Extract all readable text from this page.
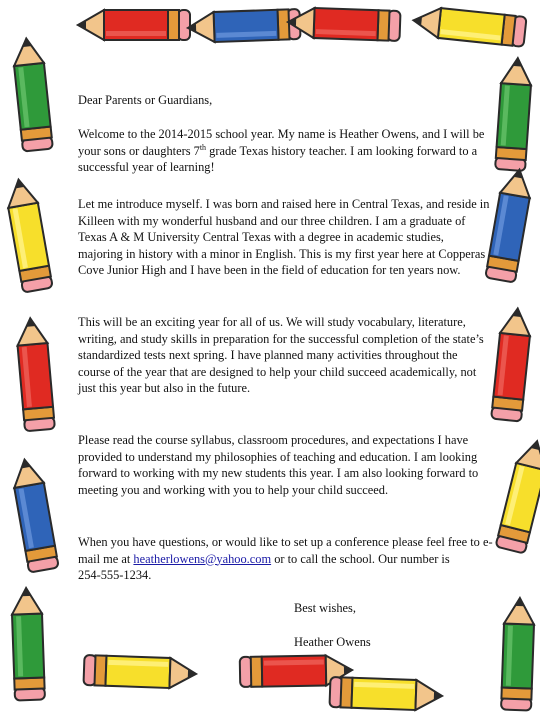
Dear Parents or Guardians,

Welcome to the 2014-2015 school year. My name is Heather Owens, and I will be your sons or daughters 7th grade Texas history teacher. I am looking forward to a successful year of learning!

Let me introduce myself. I was born and raised here in Central Texas, and reside in Killeen with my wonderful husband and our three children. I am a graduate of Texas A & M University Central Texas with a degree in academic studies, majoring in history with a minor in English. This is my first year here at Copperas Cove Junior High and I have been in the field of education for ten years now.

This will be an exciting year for all of us. We will study vocabulary, literature, writing, and study skills in preparation for the successful completion of the state’s standardized tests next spring. I have planned many activities throughout the course of the year that are designed to help your child succeed academically, not just this year but also in the future.

Please read the course syllabus, classroom procedures, and expectations I have provided to understand my philosophies of teaching and education. I am looking forward to working with my new students this year. I am also looking forward to meeting you and working with you to help your child succeed.

When you have questions, or would like to set up a conference please feel free to e-mail me at heatherlowens@yahoo.com or to call the school. Our number is
254-555-1234.

Best wishes,

Heather Owens
